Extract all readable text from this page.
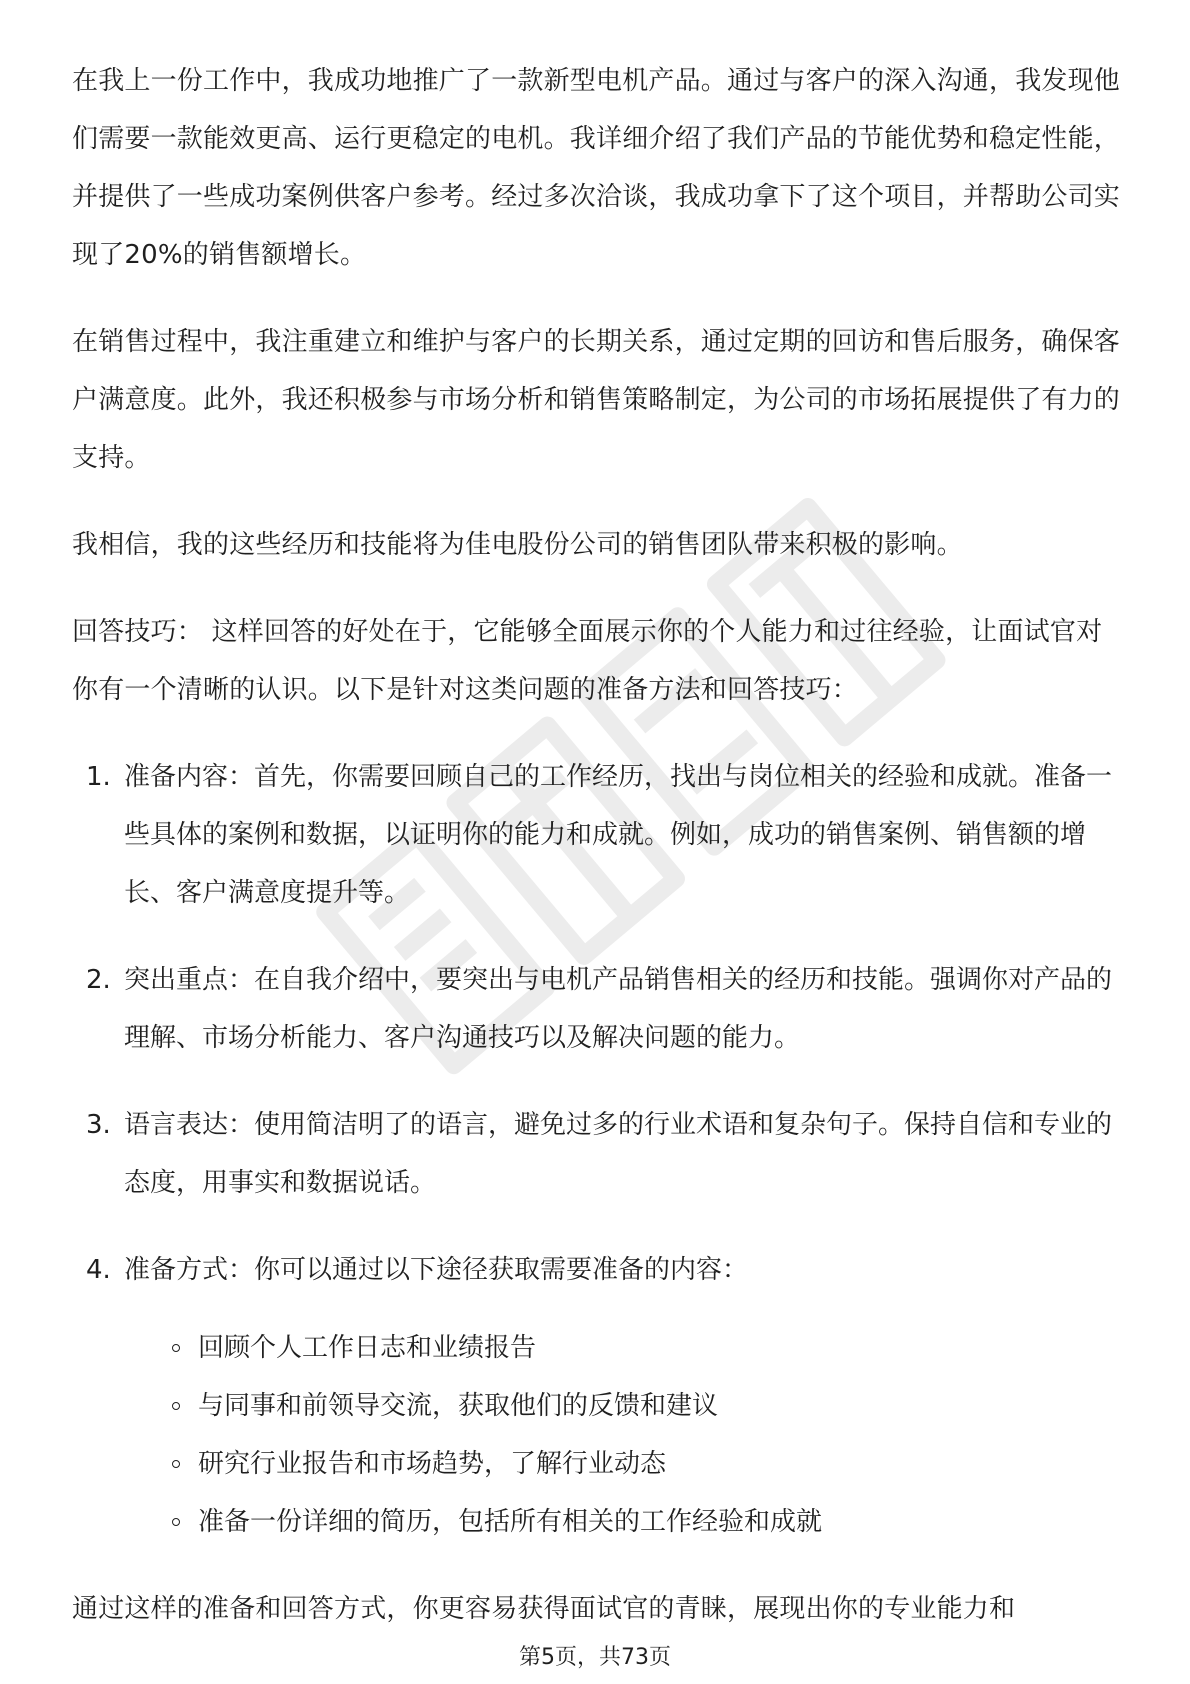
在我上一份工作中，我成功地推广了一款新型电机产品。通过与客户的深入沟通，我发现他们需要一款能效更高、运行更稳定的电机。我详细介绍了我们产品的节能优势和稳定性能，并提供了一些成功案例供客户参考。经过多次洽谈，我成功拿下了这个项目，并帮助公司实现了20%的销售额增长。

在销售过程中，我注重建立和维护与客户的长期关系，通过定期的回访和售后服务，确保客户满意度。此外，我还积极参与市场分析和销售策略制定，为公司的市场拓展提供了有力的支持。

我相信，我的这些经历和技能将为佳电股份公司的销售团队带来积极的影响。

回答技巧： 这样回答的好处在于，它能够全面展示你的个人能力和过往经验，让面试官对你有一个清晰的认识。以下是针对这类问题的准备方法和回答技巧：

1. 准备内容：首先，你需要回顾自己的工作经历，找出与岗位相关的经验和成就。准备一些具体的案例和数据，以证明你的能力和成就。例如，成功的销售案例、销售额的增长、客户满意度提升等。
2. 突出重点：在自我介绍中，要突出与电机产品销售相关的经历和技能。强调你对产品的理解、市场分析能力、客户沟通技巧以及解决问题的能力。
3. 语言表达：使用简洁明了的语言，避免过多的行业术语和复杂句子。保持自信和专业的态度，用事实和数据说话。
4. 准备方式：你可以通过以下途径获取需要准备的内容：
回顾个人工作日志和业绩报告
与同事和前领导交流，获取他们的反馈和建议
研究行业报告和市场趋势，了解行业动态
准备一份详细的简历，包括所有相关的工作经验和成就

通过这样的准备和回答方式，你更容易获得面试官的青睐，展现出你的专业能力和

第5页，共73页
